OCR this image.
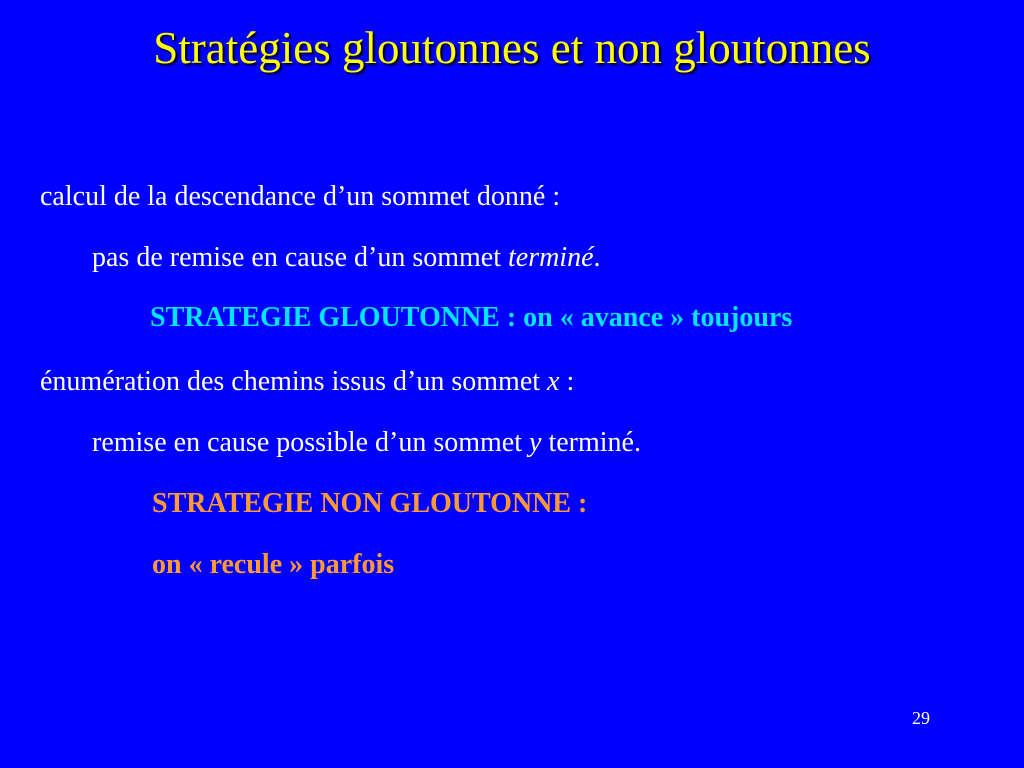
Stratégies gloutonnes et non gloutonnes
calcul de la descendance d’un sommet donné :
pas de remise en cause d’un sommet terminé.
STRATEGIE GLOUTONNE : on « avance » toujours
énumération des chemins issus d’un sommet x :
remise en cause possible d’un sommet y terminé.
STRATEGIE NON GLOUTONNE :
on « recule » parfois
29
